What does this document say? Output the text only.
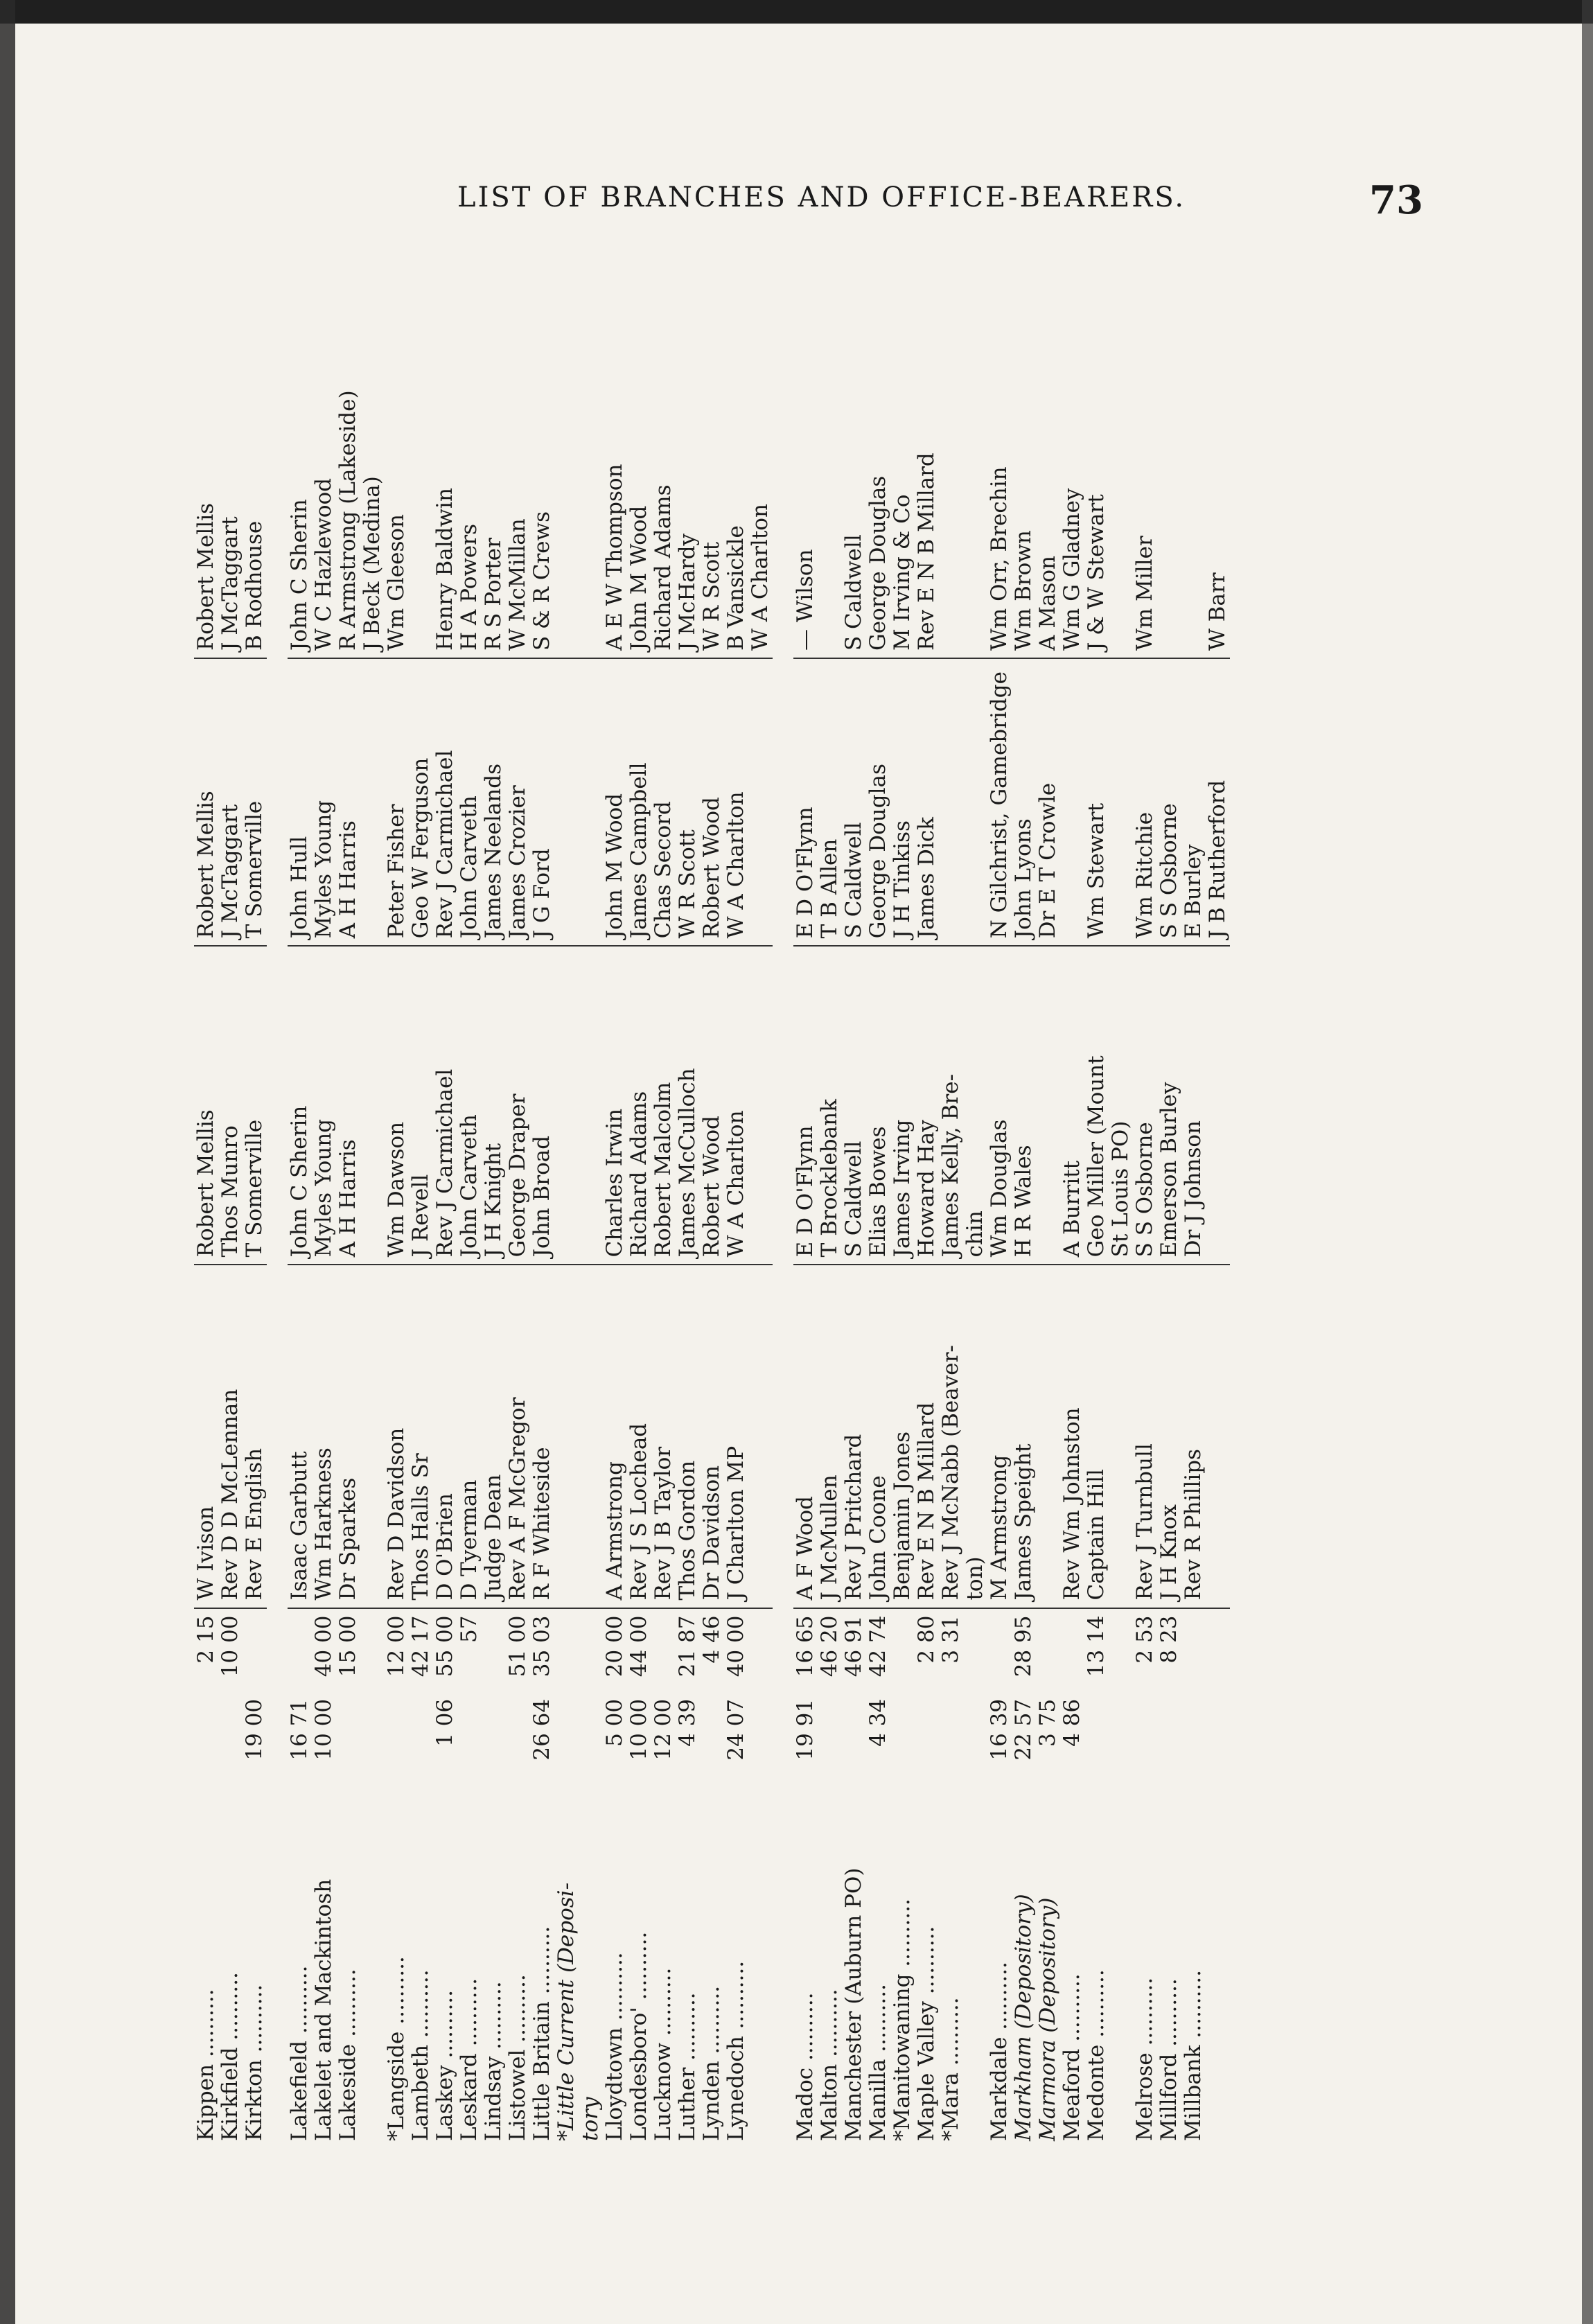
LIST OF BRANCHES AND OFFICE-BEARERS.	73
Kippen ..........		2 15	W Ivison	Robert Mellis	Robert Mellis	Robert Mellis
Kirkfield ..........		10 00	Rev D D McLennan	Thos Munro	J McTaggart	J McTaggart
Kirkton ..........	19 00		Rev E English	T Somerville	T Somerville	B Rodhouse

Lakefield ..........	16 71		Isaac Garbutt	John C Sherin	John Hull	John C Sherin
Lakelet and Mackintosh	10 00	40 00	Wm Harkness	Myles Young	Myles Young	W C Hazlewood
Lakeside ..........		15 00	Dr Sparkes	A H Harris	A H Harris	R Armstrong (Lakeside)
						J Beck (Medina)
*Langside ..........		12 00	Rev D Davidson	Wm Dawson	Peter Fisher	Wm Gleeson
Lambeth ..........		42 17	Thos Halls Sr	J Revell	Geo W Ferguson	
Laskey ..........	1 06	55 00	D O'Brien	Rev J Carmichael	Rev J Carmichael	Henry Baldwin
Leskard ..........		57	D Tyerman	John Carveth	John Carveth	H A Powers
Lindsay ..........			Judge Dean	J H Knight	James Neelands	R S Porter
Listowel ..........		51 00	Rev A F McGregor	George Draper	James Crozier	W McMillan
Little Britain ..........	26 64	35 03	R F Whiteside	John Broad	J G Ford	S & R Crews
*Little Current (Deposi-						
tory						
Lloydtown ..........	5 00	20 00	A Armstrong	Charles Irwin	John M Wood	A E W Thompson
Londesboro' ..........	10 00	44 00	Rev J S Lochead	Richard Adams	James Campbell	John M Wood
Lucknow ..........	12 00		Rev J B Taylor	Robert Malcolm	Chas Secord	Richard Adams
Luther ..........	4 39	21 87	Thos Gordon	James McCulloch	W R Scott	J McHardy
Lynden ..........		4 46	Dr Davidson	Robert Wood	Robert Wood	W R Scott
Lynedoch ..........	24 07	40 00	J Charlton MP	W A Charlton	W A Charlton	B Vansickle
						W A Charlton

Madoc ..........	19 91	16 65	A F Wood	E D O'Flynn	E D O'Flynn	— Wilson
Malton ..........		46 20	J McMullen	T Brocklebank	T B Allen	
Manchester (Auburn PO)		46 91	Rev J Pritchard	S Caldwell	S Caldwell	S Caldwell
Manilla ..........	4 34	42 74	John Coone	Elias Bowes	George Douglas	George Douglas
*Manitowaning ..........			Benjamin Jones	James Irving	J H Tinkiss	M Irving & Co
Maple Valley ..........		2 80	Rev E N B Millard	Howard Hay	James Dick	Rev E N B Millard
*Mara ..........		3 31	Rev J McNabb (Beaver-	James Kelly, Bre-		
			ton)	chin		
Markdale ..........	16 39		M Armstrong	Wm Douglas	N Gilchrist, Gamebridge	Wm Orr, Brechin
Markham (Depository)	22 57	28 95	James Speight	H R Wales	John Lyons	Wm Brown
Marmora (Depository)	3 75				Dr E T Crowle	A Mason
Meaford ..........	4 86		Rev Wm Johnston	A Burritt		Wm G Gladney
Medonte ..........		13 14	Captain Hill	Geo Miller (Mount	Wm Stewart	J & W Stewart
				St Louis PO)		
Melrose ..........		2 53	Rev J Turnbull	S S Osborne	Wm Ritchie	Wm Miller
Millford ..........		8 23	J H Knox	Emerson Burley	S S Osborne	
Millbank ..........			Rev R Phillips	Dr J Johnson	E Burley	
					J B Rutherford	W Barr
